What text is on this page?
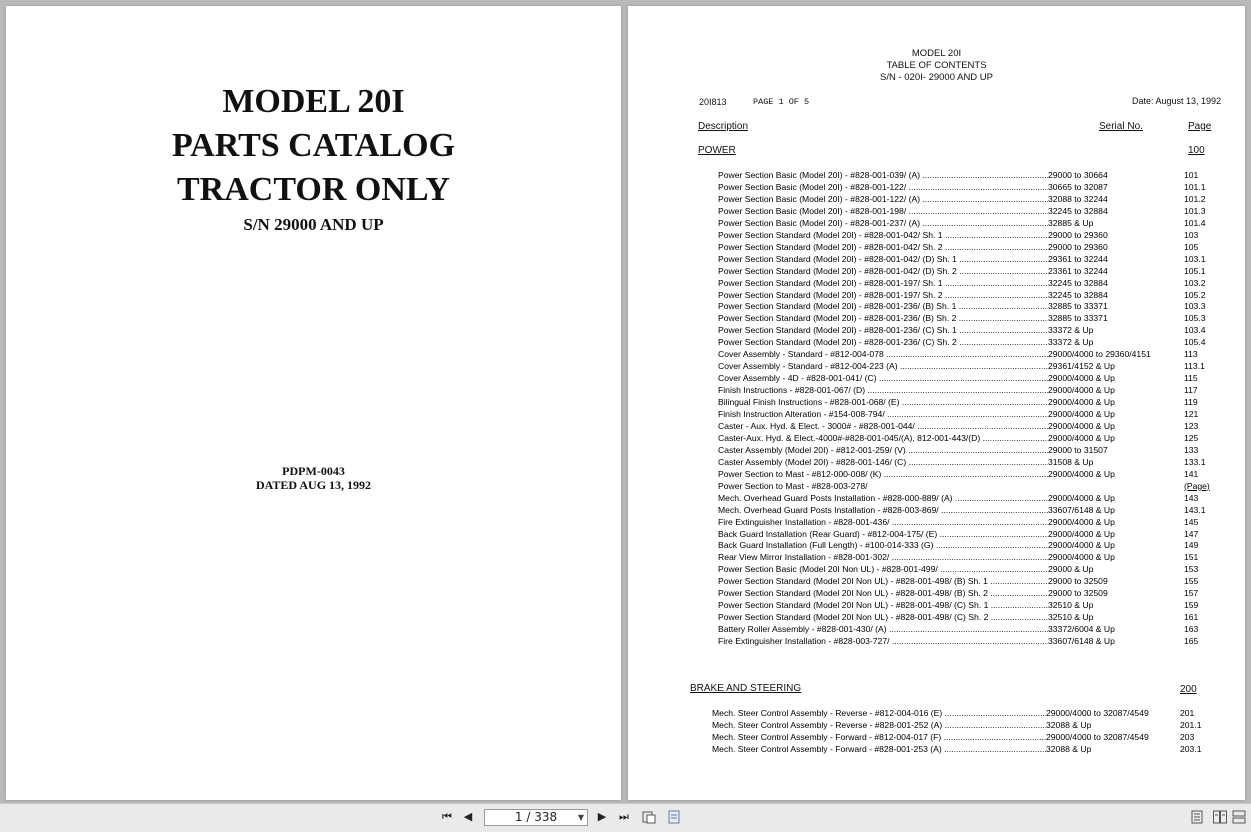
MODEL 20I
PARTS CATALOG
TRACTOR ONLY
S/N 29000 AND UP
PDPM-0043
DATED AUG 13, 1992
MODEL 20I
TABLE OF CONTENTS
S/N - 020I- 29000 AND UP
20I813	PAGE 1 OF 5	Date: August 13, 1992
Description	Serial No.	Page
POWER	100
Power Section Basic (Model 20I) - #828-001-039/ (A) .....	29000 to 30664	101
Power Section Basic (Model 20I) - #828-001-122/ .....	30665 to 32087	101.1
Power Section Basic (Model 20I) - #828-001-122/ (A) .....	32088 to 32244	101.2
Power Section Basic (Model 20I) - #828-001-198/ .....	32245 to 32884	101.3
Power Section Basic (Model 20I) - #828-001-237/ (A) .....	32885 & Up	101.4
Power Section Standard (Model 20I) - #828-001-042/ Sh. 1 .....	29000 to 29360	103
Power Section Standard (Model 20I) - #828-001-042/ Sh. 2 .....	29000 to 29360	105
Power Section Standard (Model 20I) - #828-001-042/ (D) Sh. 1 .....	29361 to 32244	103.1
Power Section Standard (Model 20I) - #828-001-042/ (D) Sh. 2 .....	23361 to 32244	105.1
Power Section Standard (Model 20I) - #828-001-197/ Sh. 1 .....	32245 to 32884	103.2
Power Section Standard (Model 20I) - #828-001-197/ Sh. 2 .....	32245 to 32884	105.2
Power Section Standard (Model 20I) - #828-001-236/ (B) Sh. 1 .....	32885 to 33371	103.3
Power Section Standard (Model 20I) - #828-001-236/ (B) Sh. 2 .....	32885 to 33371	105.3
Power Section Standard (Model 20I) - #828-001-236/ (C) Sh. 1 .....	33372 & Up	103.4
Power Section Standard (Model 20I) - #828-001-236/ (C) Sh. 2 .....	33372 & Up	105.4
Cover Assembly - Standard - #812-004-078 .....	29000/4000 to 29360/4151	113
Cover Assembly - Standard - #812-004-223 (A) .....	29361/4152 & Up	113.1
Cover Assembly - 4D - #828-001-041/ (C) .....	29000/4000 & Up	115
Finish Instructions - #828-001-067/ (D) .....	29000/4000 & Up	117
Bilingual Finish Instructions - #828-001-068/ (E) .....	29000/4000 & Up	119
Finish Instruction Alteration - #154-008-794/ .....	29000/4000 & Up	121
Caster - Aux. Hyd. & Elect. - 3000# - #828-001-044/ .....	29000/4000 & Up	123
Caster-Aux. Hyd. & Elect.-4000#-#828-001-045/(A), 812-001-443/(D) .....	29000/4000 & Up	125
Caster Assembly (Model 20I) - #812-001-259/ (V) .....	29000 to 31507	133
Caster Assembly (Model 20I) - #828-001-146/ (C) .....	31508 & Up	133.1
Power Section to Mast - #812-000-008/ (K) .....	29000/4000 & Up	141
Power Section to Mast - #828-003-278/	(Page)
Mech. Overhead Guard Posts Installation - #828-000-889/ (A) .....	29000/4000 & Up	143
Mech. Overhead Guard Posts Installation - #828-003-869/ .....	33607/6148 & Up	143.1
Fire Extinguisher Installation - #828-001-436/ .....	29000/4000 & Up	145
Back Guard Installation (Rear Guard) - #812-004-175/ (E) .....	29000/4000 & Up	147
Back Guard Installation (Full Length) - #100-014-333 (G) .....	29000/4000 & Up	149
Rear View Mirror Installation - #828-001-302/ .....	29000/4000 & Up	151
Power Section Basic (Model 20I Non UL) - #828-001-499/ .....	29000 & Up	153
Power Section Standard (Model 20I Non UL) - #828-001-498/ (B) Sh. 1 .....	29000 to 32509	155
Power Section Standard (Model 20I Non UL) - #828-001-498/ (B) Sh. 2 .....	29000 to 32509	157
Power Section Standard (Model 20I Non UL) - #828-001-498/ (C) Sh. 1 .....	32510 & Up	159
Power Section Standard (Model 20I Non UL) - #828-001-498/ (C) Sh. 2 .....	32510 & Up	161
Battery Roller Assembly - #828-001-430/ (A) .....	33372/6004 & Up	163
Fire Extinguisher Installation - #828-003-727/ .....	33607/6148 & Up	165
BRAKE AND STEERING	200
Mech. Steer Control Assembly - Reverse - #812-004-016 (E) .....	29000/4000 to 32087/4549	201
Mech. Steer Control Assembly - Reverse - #828-001-252 (A) .....	32088 & Up	201.1
Mech. Steer Control Assembly - Forward - #812-004-017 (F) .....	29000/4000 to 32087/4549	203
Mech. Steer Control Assembly - Forward - #828-001-253 (A) .....	32088 & Up	203.1
⏮ ◀	1 / 338	▼ ▶ ⏭
